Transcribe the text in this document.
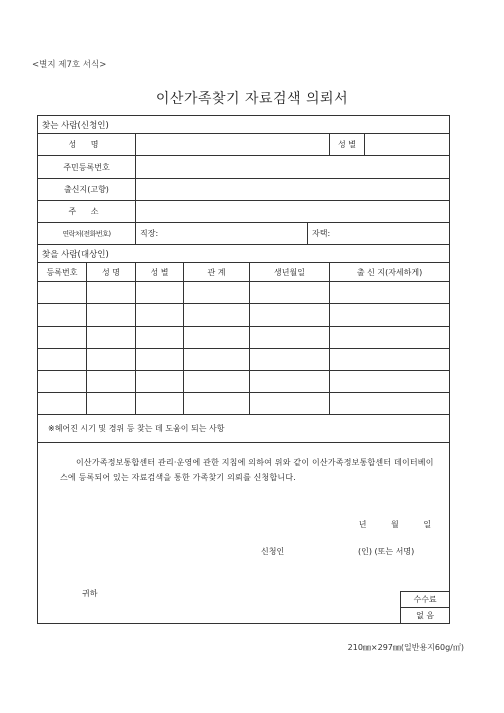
<별지 제7호 서식>
이산가족찾기 자료검색 의뢰서
찾는 사람(신청인)
성 명		성 별	
주민등록번호	
출신지(고향)	
주 소	
연락처(전화번호)	직장:	자택:
찾을 사람(대상인)
등록번호	성 명	성 별	관 계	생년월일	출 신 지(자세하게)

※헤어진 시기 및 경위 등 찾는 데 도움이 되는 사항

이산가족정보통합센터 관리·운영에 관한 지침에 의하여 위와 같이 이산가족정보통합센터 데이터베이스에 등록되어 있는 자료검색을 통한 가족찾기 의뢰를 신청합니다.
년 월 일
신청인	(인) (또는 서명)
귀하
수수료
없 음
210㎜×297㎜(일반용지60g/㎡)
